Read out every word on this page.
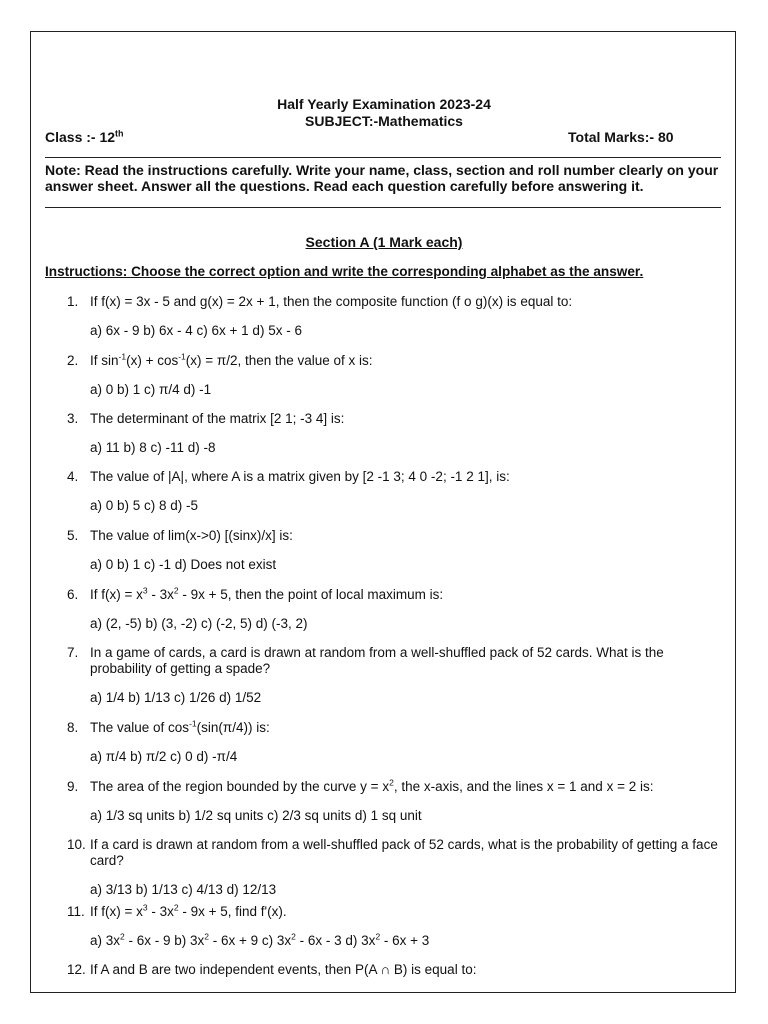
Half Yearly Examination 2023-24
SUBJECT:-Mathematics
Class :- 12th	Total Marks:- 80
Note: Read the instructions carefully. Write your name, class, section and roll number clearly on your answer sheet. Answer all the questions. Read each question carefully before answering it.
Section A (1 Mark each)
Instructions: Choose the correct option and write the corresponding alphabet as the answer.
1. If f(x) = 3x - 5 and g(x) = 2x + 1, then the composite function (f o g)(x) is equal to:
a) 6x - 9 b) 6x - 4 c) 6x + 1 d) 5x - 6
2. If $\sin^{-1}(x) + \cos^{-1}(x) = \pi/2$, then the value of x is:
a) 0 b) 1 c) π/4 d) -1
3. The determinant of the matrix [2 1; -3 4] is:
a) 11 b) 8 c) -11 d) -8
4. The value of |A|, where A is a matrix given by [2 -1 3; 4 0 -2; -1 2 1], is:
a) 0 b) 5 c) 8 d) -5
5. The value of lim(x->0) [(sinx)/x] is:
a) 0 b) 1 c) -1 d) Does not exist
6. If $f(x) = x^3 - 3x^2 - 9x + 5$, then the point of local maximum is:
a) (2, -5) b) (3, -2) c) (-2, 5) d) (-3, 2)
7. In a game of cards, a card is drawn at random from a well-shuffled pack of 52 cards. What is the probability of getting a spade?
a) 1/4 b) 1/13 c) 1/26 d) 1/52
8. The value of $\cos^{-1}(\sin(\pi/4))$ is:
a) π/4 b) π/2 c) 0 d) -π/4
9. The area of the region bounded by the curve $y = x^2$, the x-axis, and the lines x = 1 and x = 2 is:
a) 1/3 sq units b) 1/2 sq units c) 2/3 sq units d) 1 sq unit
10. If a card is drawn at random from a well-shuffled pack of 52 cards, what is the probability of getting a face card?
a) 3/13 b) 1/13 c) 4/13 d) 12/13
11. If $f(x) = x^3 - 3x^2 - 9x + 5$, find f'(x).
a) $3x^2 - 6x - 9$ b) $3x^2 - 6x + 9$ c) $3x^2 - 6x - 3$ d) $3x^2 - 6x + 3$
12. If A and B are two independent events, then P(A ∩ B) is equal to:
